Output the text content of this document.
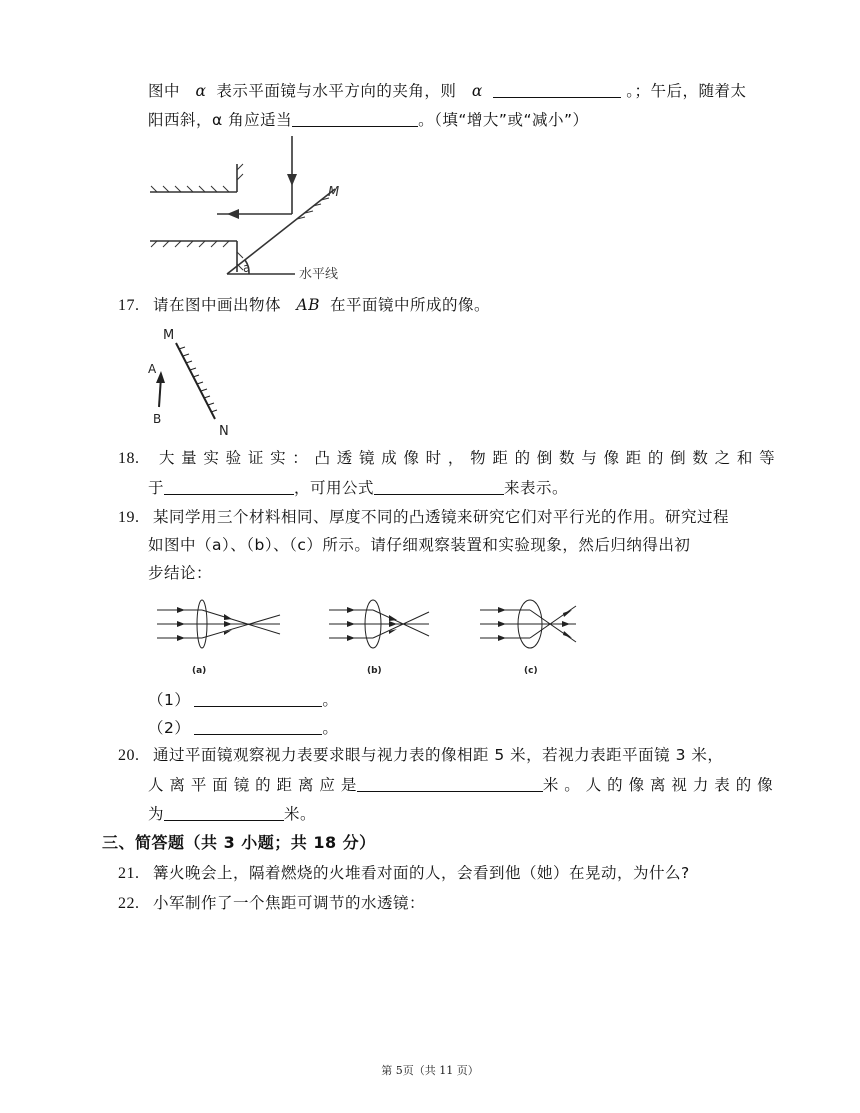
图中 α 表示平面镜与水平方向的夹角，则 α	。；午后，随着太
阳西斜，α 角应适当	。（填“增大”或“减小”）
M
a	水平线
17. 请在图中画出物体 AB 在平面镜中所成的像。
M
N
A
B
18. 大 量 实 验 证 实 ： 凸 透 镜 成 像 时 ， 物 距 的 倒 数 与 像 距 的 倒 数 之 和 等
于	，可用公式	来表示。
19. 某同学用三个材料相同、厚度不同的凸透镜来研究它们对平行光的作用。研究过程
如图中（a）、（b）、（c）所示。请仔细观察装置和实验现象，然后归纳得出初
步结论：
(a)	(b)	(c)
（1）	。
（2）	。
20. 通过平面镜观察视力表要求眼与视力表的像相距 5 米，若视力表距平面镜 3 米，
人 离 平 面 镜 的 距 离 应 是	米 。 人 的 像 离 视 力 表 的 像
为	米。
三、简答题（共 3 小题；共 18 分）
21. 篝火晚会上，隔着燃烧的火堆看对面的人，会看到他（她）在晃动，为什么?
22. 小军制作了一个焦距可调节的水透镜：
第 5页（共 11 页）
